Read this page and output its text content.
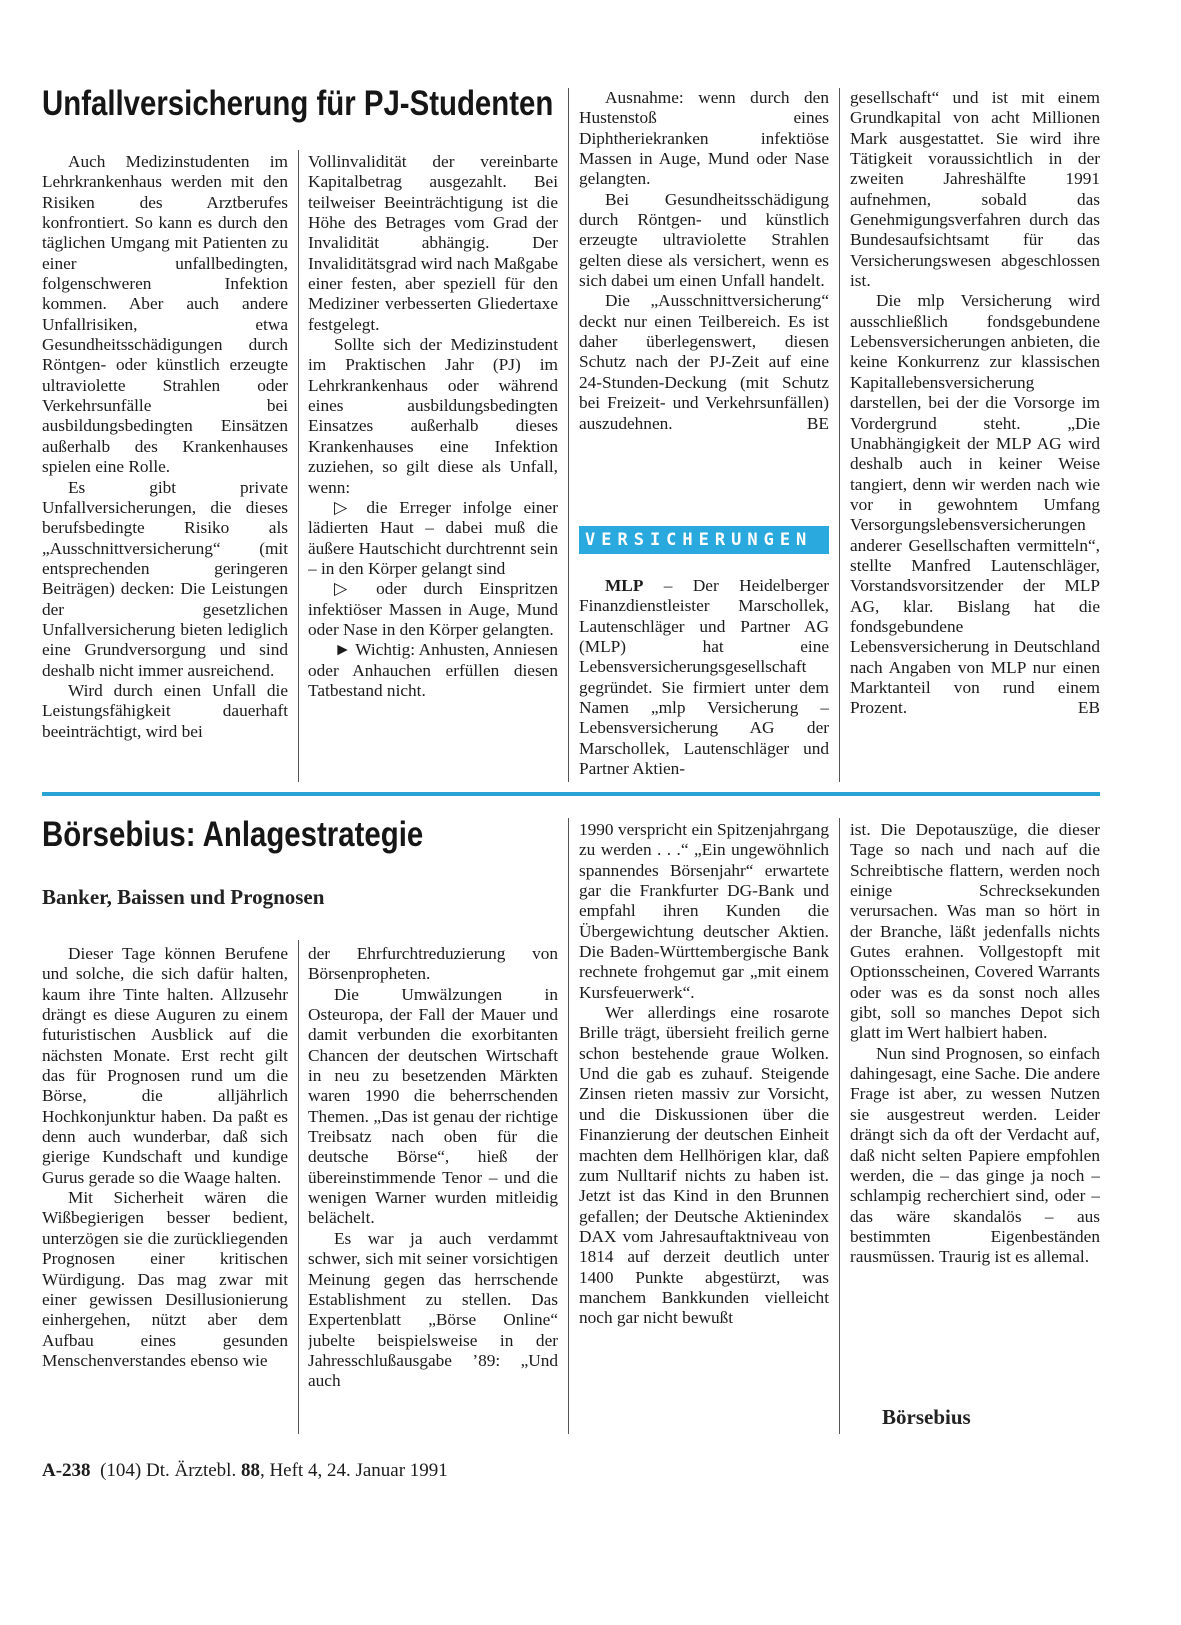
Unfallversicherung für PJ-Studenten

Auch Medizinstudenten im Lehrkrankenhaus werden mit den Risiken des Arztberufes konfrontiert. So kann es durch den täglichen Umgang mit Patienten zu einer unfallbedingten, folgenschweren Infektion kommen. Aber auch andere Unfallrisiken, etwa Gesundheitsschädigungen durch Röntgen- oder künstlich erzeugte ultraviolette Strahlen oder Verkehrsunfälle bei ausbildungsbedingten Einsätzen außerhalb des Krankenhauses spielen eine Rolle.

Es gibt private Unfallversicherungen, die dieses berufsbedingte Risiko als „Ausschnittversicherung“ (mit entsprechenden geringeren Beiträgen) decken: Die Leistungen der gesetzlichen Unfallversicherung bieten lediglich eine Grundversorgung und sind deshalb nicht immer ausreichend.

Wird durch einen Unfall die Leistungsfähigkeit dauerhaft beeinträchtigt, wird bei

Vollinvalidität der vereinbarte Kapitalbetrag ausgezahlt. Bei teilweiser Beeinträchtigung ist die Höhe des Betrages vom Grad der Invalidität abhängig. Der Invaliditätsgrad wird nach Maßgabe einer festen, aber speziell für den Mediziner verbesserten Gliedertaxe festgelegt.

Sollte sich der Medizinstudent im Praktischen Jahr (PJ) im Lehrkrankenhaus oder während eines ausbildungsbedingten Einsatzes außerhalb dieses Krankenhauses eine Infektion zuziehen, so gilt diese als Unfall, wenn:

▷ die Erreger infolge einer lädierten Haut – dabei muß die äußere Hautschicht durchtrennt sein – in den Körper gelangt sind

▷ oder durch Einspritzen infektiöser Massen in Auge, Mund oder Nase in den Körper gelangten.

► Wichtig: Anhusten, Anniesen oder Anhauchen erfüllen diesen Tatbestand nicht.

Ausnahme: wenn durch den Hustenstoß eines Diphtheriekranken infektiöse Massen in Auge, Mund oder Nase gelangten.

Bei Gesundheitsschädigung durch Röntgen- und künstlich erzeugte ultraviolette Strahlen gelten diese als versichert, wenn es sich dabei um einen Unfall handelt.

Die „Ausschnittversicherung“ deckt nur einen Teilbereich. Es ist daher überlegenswert, diesen Schutz nach der PJ-Zeit auf eine 24-Stunden-Deckung (mit Schutz bei Freizeit- und Verkehrsunfällen) auszudehnen.	BE

VERSICHERUNGEN

MLP – Der Heidelberger Finanzdienstleister Marschollek, Lautenschläger und Partner AG (MLP) hat eine Lebensversicherungsgesellschaft gegründet. Sie firmiert unter dem Namen „mlp Versicherung – Lebensversicherung AG der Marschollek, Lautenschläger und Partner Aktien-

gesellschaft“ und ist mit einem Grundkapital von acht Millionen Mark ausgestattet. Sie wird ihre Tätigkeit voraussichtlich in der zweiten Jahreshälfte 1991 aufnehmen, sobald das Genehmigungsverfahren durch das Bundesaufsichtsamt für das Versicherungswesen abgeschlossen ist.

Die mlp Versicherung wird ausschließlich fondsgebundene Lebensversicherungen anbieten, die keine Konkurrenz zur klassischen Kapitallebensversicherung darstellen, bei der die Vorsorge im Vordergrund steht. „Die Unabhängigkeit der MLP AG wird deshalb auch in keiner Weise tangiert, denn wir werden nach wie vor in gewohntem Umfang Versorgungslebensversicherungen anderer Gesellschaften vermitteln“, stellte Manfred Lautenschläger, Vorstandsvorsitzender der MLP AG, klar. Bislang hat die fondsgebundene Lebensversicherung in Deutschland nach Angaben von MLP nur einen Marktanteil von rund einem Prozent.	EB

Börsebius: Anlagestrategie
Banker, Baissen und Prognosen

Dieser Tage können Berufene und solche, die sich dafür halten, kaum ihre Tinte halten. Allzusehr drängt es diese Auguren zu einem futuristischen Ausblick auf die nächsten Monate. Erst recht gilt das für Prognosen rund um die Börse, die alljährlich Hochkonjunktur haben. Da paßt es denn auch wunderbar, daß sich gierige Kundschaft und kundige Gurus gerade so die Waage halten.

Mit Sicherheit wären die Wißbegierigen besser bedient, unterzögen sie die zurückliegenden Prognosen einer kritischen Würdigung. Das mag zwar mit einer gewissen Desillusionierung einhergehen, nützt aber dem Aufbau eines gesunden Menschenverstandes ebenso wie

der Ehrfurchtreduzierung von Börsenpropheten.

Die Umwälzungen in Osteuropa, der Fall der Mauer und damit verbunden die exorbitanten Chancen der deutschen Wirtschaft in neu zu besetzenden Märkten waren 1990 die beherrschenden Themen. „Das ist genau der richtige Treibsatz nach oben für die deutsche Börse“, hieß der übereinstimmende Tenor – und die wenigen Warner wurden mitleidig belächelt.

Es war ja auch verdammt schwer, sich mit seiner vorsichtigen Meinung gegen das herrschende Establishment zu stellen. Das Expertenblatt „Börse Online“ jubelte beispielsweise in der Jahresschlußausgabe ’89: „Und auch

1990 verspricht ein Spitzenjahrgang zu werden . . .“ „Ein ungewöhnlich spannendes Börsenjahr“ erwartete gar die Frankfurter DG-Bank und empfahl ihren Kunden die Übergewichtung deutscher Aktien. Die Baden-Württembergische Bank rechnete frohgemut gar „mit einem Kursfeuerwerk“.

Wer allerdings eine rosarote Brille trägt, übersieht freilich gerne schon bestehende graue Wolken. Und die gab es zuhauf. Steigende Zinsen rieten massiv zur Vorsicht, und die Diskussionen über die Finanzierung der deutschen Einheit machten dem Hellhörigen klar, daß zum Nulltarif nichts zu haben ist. Jetzt ist das Kind in den Brunnen gefallen; der Deutsche Aktienindex DAX vom Jahresauftaktniveau von 1814 auf derzeit deutlich unter 1400 Punkte abgestürzt, was manchem Bankkunden vielleicht noch gar nicht bewußt

ist. Die Depotauszüge, die dieser Tage so nach und nach auf die Schreibtische flattern, werden noch einige Schrecksekunden verursachen. Was man so hört in der Branche, läßt jedenfalls nichts Gutes erahnen. Vollgestopft mit Optionsscheinen, Covered Warrants oder was es da sonst noch alles gibt, soll so manches Depot sich glatt im Wert halbiert haben.

Nun sind Prognosen, so einfach dahingesagt, eine Sache. Die andere Frage ist aber, zu wessen Nutzen sie ausgestreut werden. Leider drängt sich da oft der Verdacht auf, daß nicht selten Papiere empfohlen werden, die – das ginge ja noch – schlampig recherchiert sind, oder – das wäre skandalös – aus bestimmten Eigenbeständen rausmüssen. Traurig ist es allemal.

Börsebius
A-238 (104) Dt. Ärztebl. 88, Heft 4, 24. Januar 1991
